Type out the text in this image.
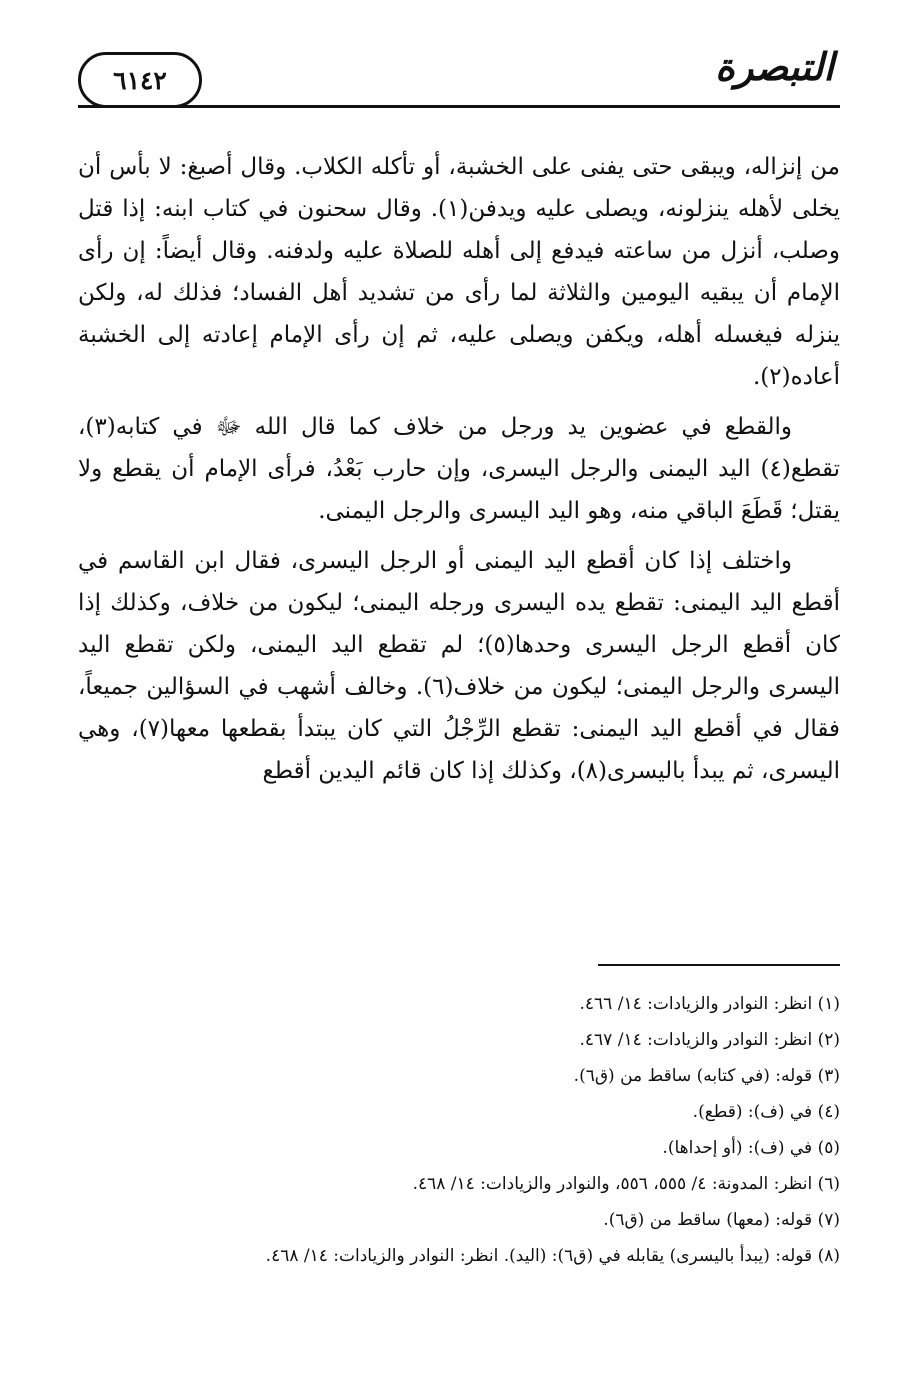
٦١٤٢	التبصرة

من إنزاله، ويبقى حتى يفنى على الخشبة، أو تأكله الكلاب. وقال أصبغ: لا بأس أن يخلى لأهله ينزلونه، ويصلى عليه ويدفن(١). وقال سحنون في كتاب ابنه: إذا قتل وصلب، أنزل من ساعته فيدفع إلى أهله للصلاة عليه ولدفنه. وقال أيضاً: إن رأى الإمام أن يبقيه اليومين والثلاثة لما رأى من تشديد أهل الفساد؛ فذلك له، ولكن ينزله فيغسله أهله، ويكفن ويصلى عليه، ثم إن رأى الإمام إعادته إلى الخشبة أعاده(٢).

والقطع في عضوين يد ورجل من خلاف كما قال الله ﷻ في كتابه(٣)، تقطع(٤) اليد اليمنى والرجل اليسرى، وإن حارب بَعْدُ، فرأى الإمام أن يقطع ولا يقتل؛ قَطَعَ الباقي منه، وهو اليد اليسرى والرجل اليمنى.

واختلف إذا كان أقطع اليد اليمنى أو الرجل اليسرى، فقال ابن القاسم في أقطع اليد اليمنى: تقطع يده اليسرى ورجله اليمنى؛ ليكون من خلاف، وكذلك إذا كان أقطع الرجل اليسرى وحدها(٥)؛ لم تقطع اليد اليمنى، ولكن تقطع اليد اليسرى والرجل اليمنى؛ ليكون من خلاف(٦). وخالف أشهب في السؤالين جميعاً، فقال في أقطع اليد اليمنى: تقطع الرِّجْلُ التي كان يبتدأ بقطعها معها(٧)، وهي اليسرى، ثم يبدأ باليسرى(٨)، وكذلك إذا كان قائم اليدين أقطع

(١) انظر: النوادر والزيادات: ١٤/ ٤٦٦.

(٢) انظر: النوادر والزيادات: ١٤/ ٤٦٧.

(٣) قوله: (في كتابه) ساقط من (ق٦).

(٤) في (ف): (قطع).

(٥) في (ف): (أو إحداها).

(٦) انظر: المدونة: ٤/ ٥٥٥، ٥٥٦، والنوادر والزيادات: ١٤/ ٤٦٨.

(٧) قوله: (معها) ساقط من (ق٦).

(٨) قوله: (يبدأ باليسرى) يقابله في (ق٦): (اليد). انظر: النوادر والزيادات: ١٤/ ٤٦٨.
